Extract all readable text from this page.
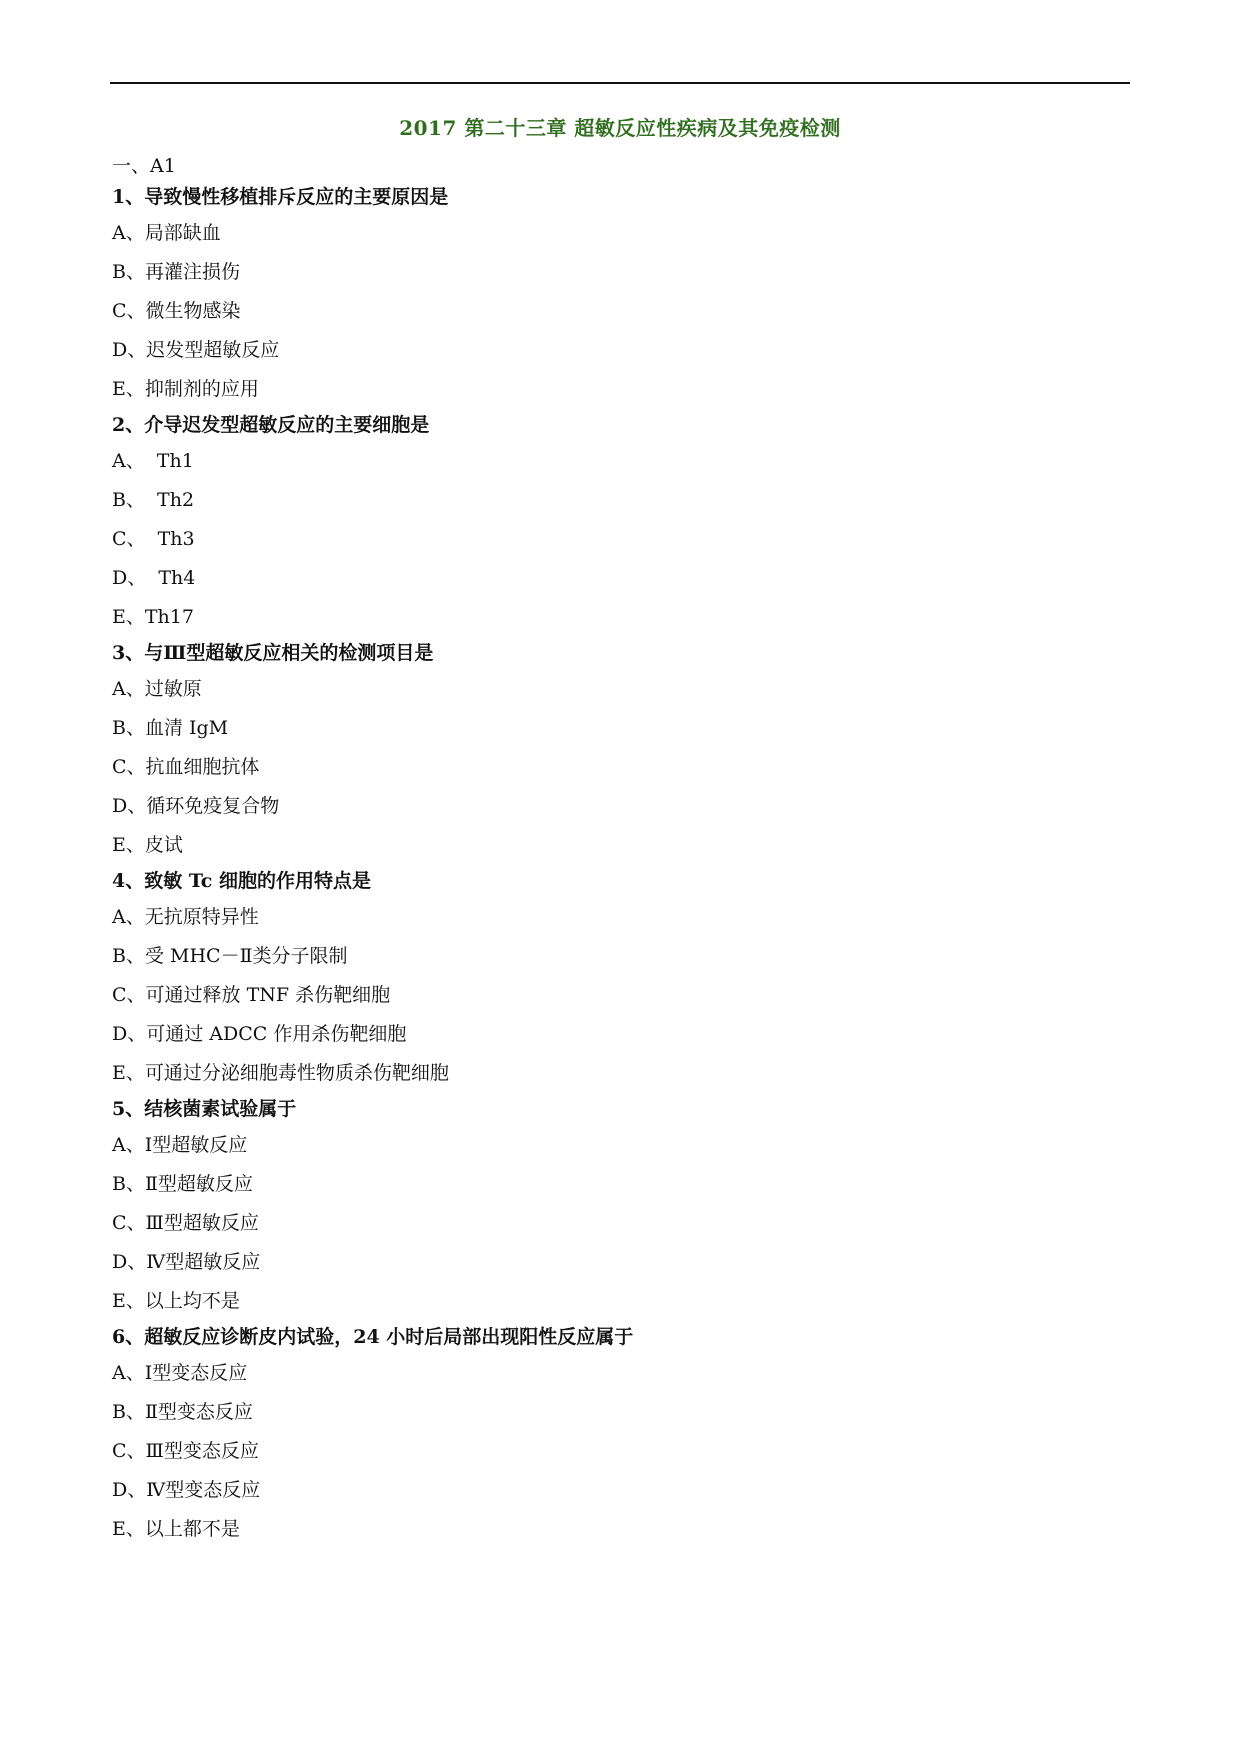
2017 第二十三章 超敏反应性疾病及其免疫检测
一、A1
1、导致慢性移植排斥反应的主要原因是
A、局部缺血
B、再灌注损伤
C、微生物感染
D、迟发型超敏反应
E、抑制剂的应用
2、介导迟发型超敏反应的主要细胞是
A、  Th1
B、  Th2
C、  Th3
D、  Th4
E、Th17
3、与Ⅲ型超敏反应相关的检测项目是
A、过敏原
B、血清 IgM
C、抗血细胞抗体
D、循环免疫复合物
E、皮试
4、致敏 Tc 细胞的作用特点是
A、无抗原特异性
B、受 MHC－Ⅱ类分子限制
C、可通过释放 TNF 杀伤靶细胞
D、可通过 ADCC 作用杀伤靶细胞
E、可通过分泌细胞毒性物质杀伤靶细胞
5、结核菌素试验属于
A、Ⅰ型超敏反应
B、Ⅱ型超敏反应
C、Ⅲ型超敏反应
D、Ⅳ型超敏反应
E、以上均不是
6、超敏反应诊断皮内试验，24 小时后局部出现阳性反应属于
A、Ⅰ型变态反应
B、Ⅱ型变态反应
C、Ⅲ型变态反应
D、Ⅳ型变态反应
E、以上都不是
